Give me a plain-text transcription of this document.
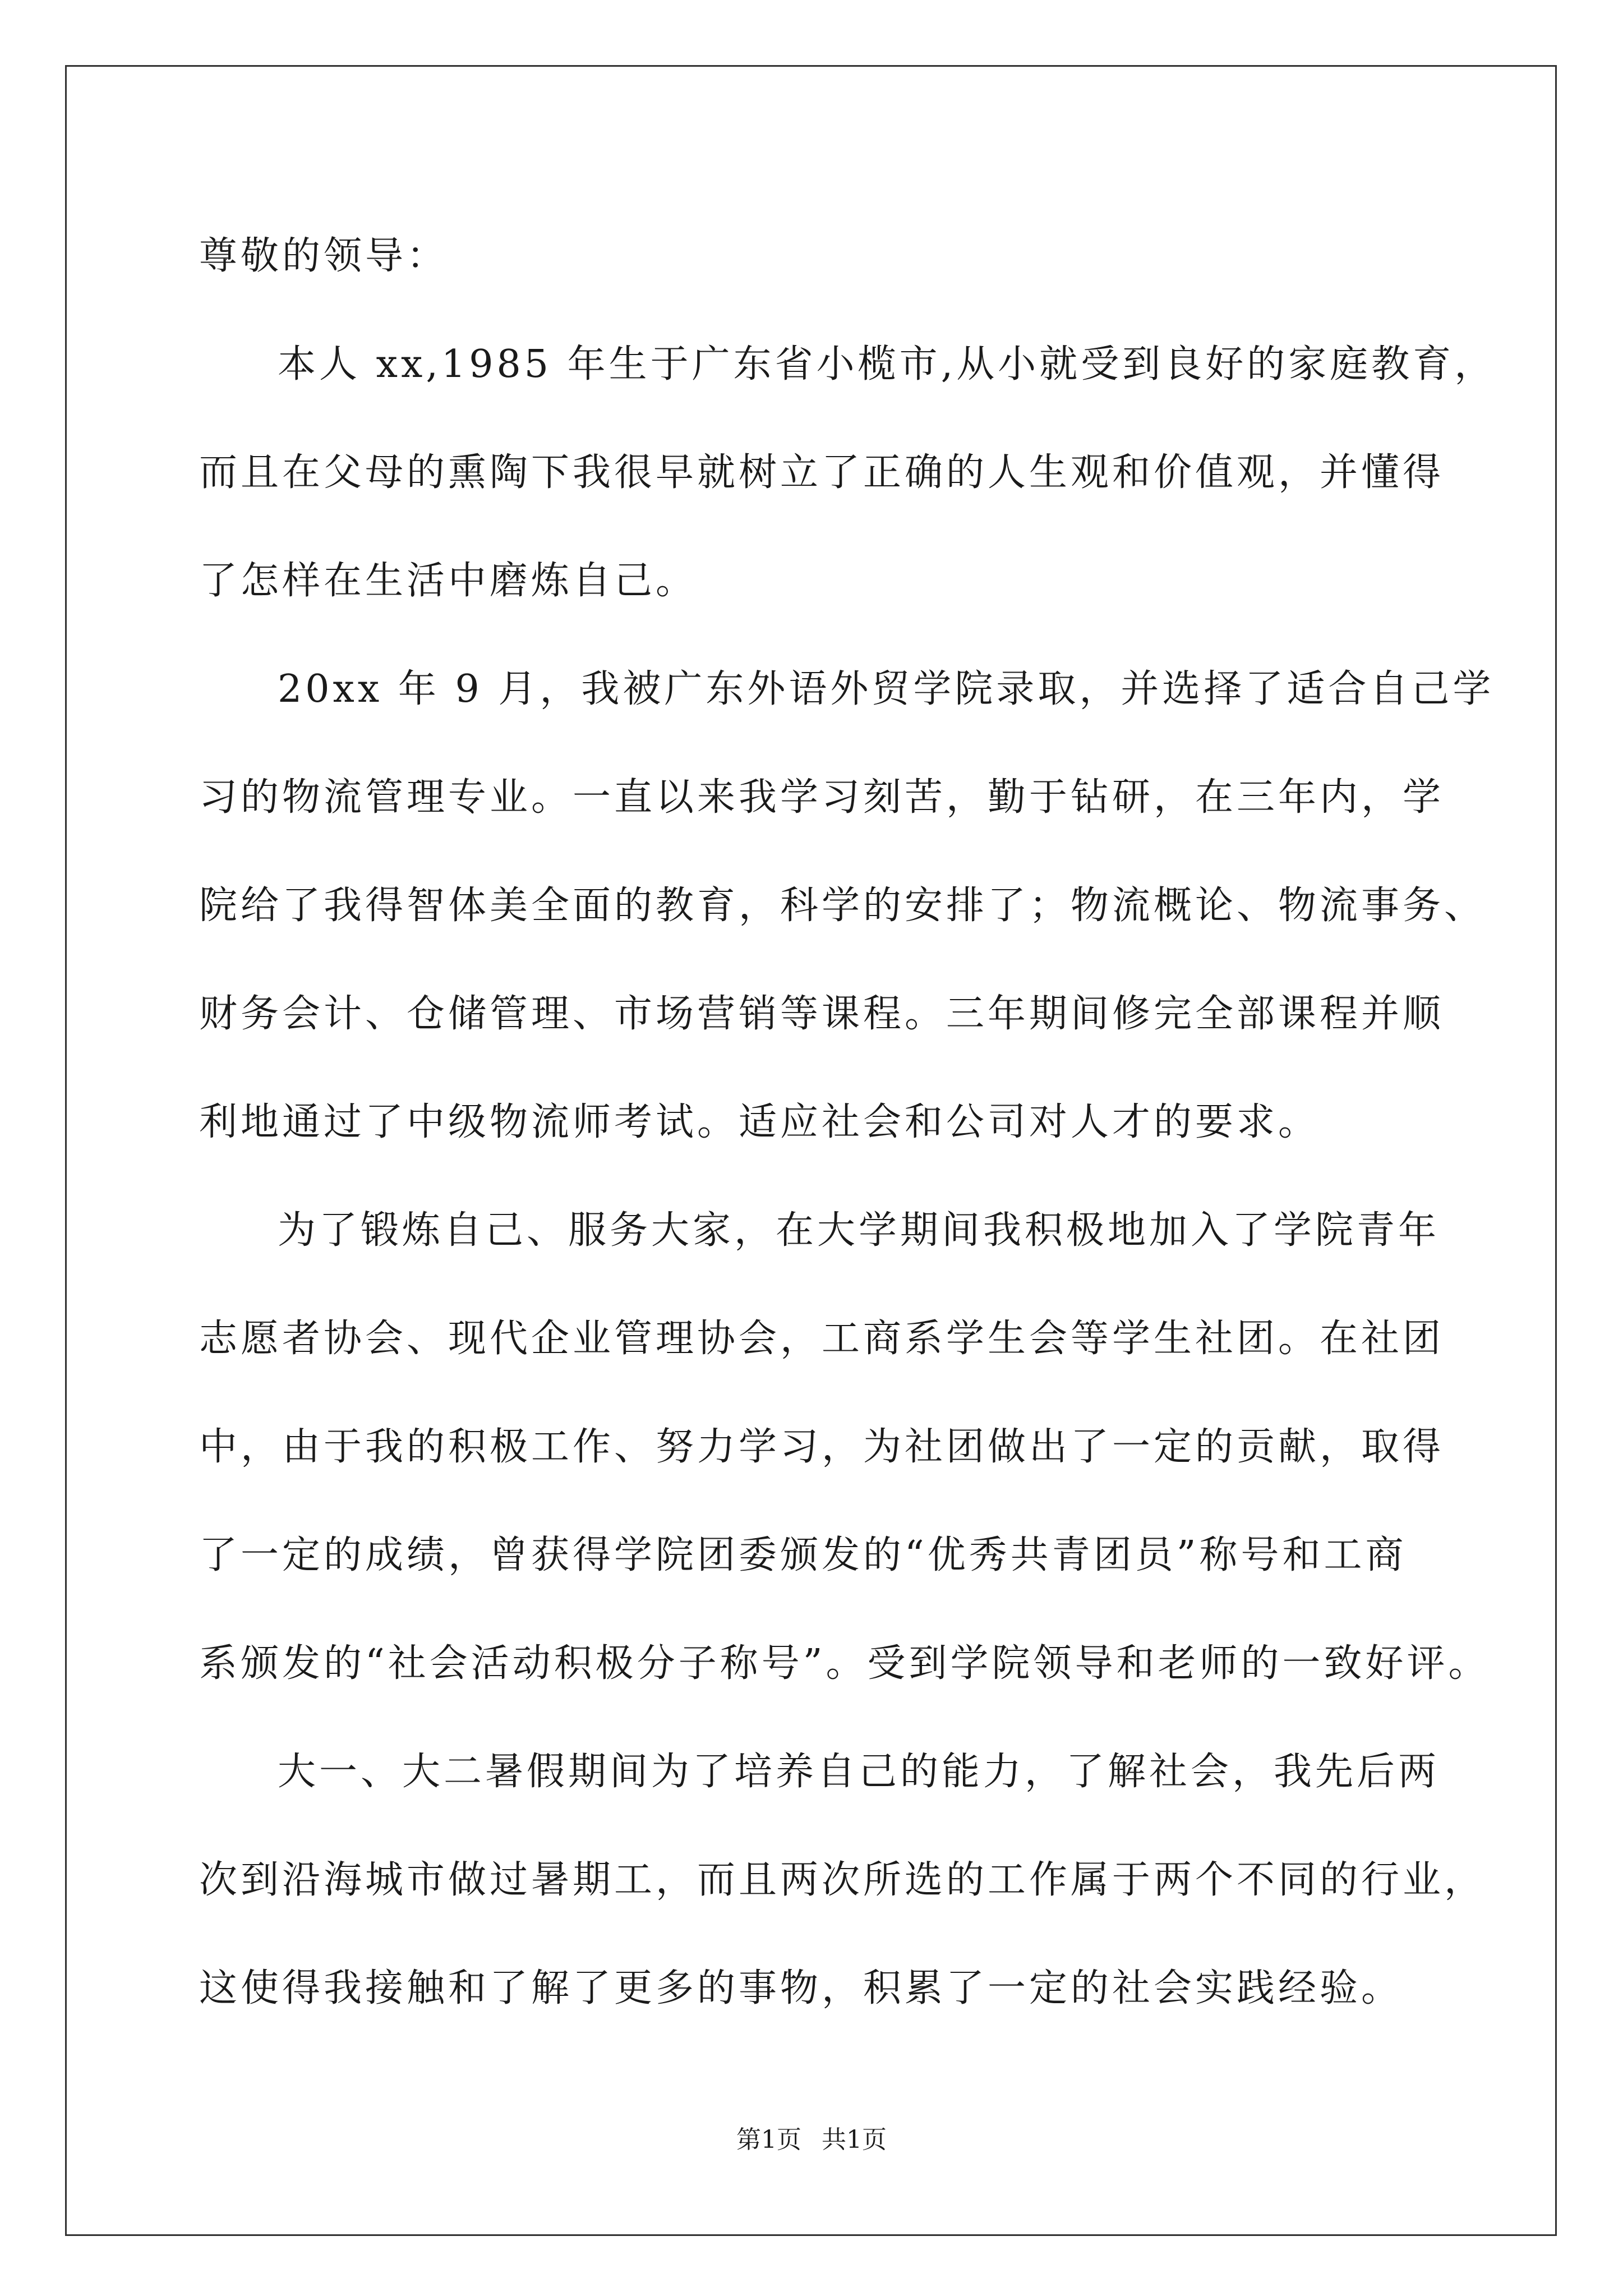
尊敬的领导：
本人 xx,1985 年生于广东省小榄市,从小就受到良好的家庭教育，
而且在父母的熏陶下我很早就树立了正确的人生观和价值观，并懂得
了怎样在生活中磨炼自己。
20xx 年 9 月，我被广东外语外贸学院录取，并选择了适合自己学
习的物流管理专业。一直以来我学习刻苦，勤于钻研，在三年内，学
院给了我得智体美全面的教育，科学的安排了；物流概论、物流事务、
财务会计、仓储管理、市场营销等课程。三年期间修完全部课程并顺
利地通过了中级物流师考试。适应社会和公司对人才的要求。
为了锻炼自己、服务大家，在大学期间我积极地加入了学院青年
志愿者协会、现代企业管理协会，工商系学生会等学生社团。在社团
中，由于我的积极工作、努力学习，为社团做出了一定的贡献，取得
了一定的成绩，曾获得学院团委颁发的“优秀共青团员”称号和工商
系颁发的“社会活动积极分子称号”。受到学院领导和老师的一致好评。
大一、大二暑假期间为了培养自己的能力，了解社会，我先后两
次到沿海城市做过暑期工，而且两次所选的工作属于两个不同的行业，
这使得我接触和了解了更多的事物，积累了一定的社会实践经验。
第1页 共1页
